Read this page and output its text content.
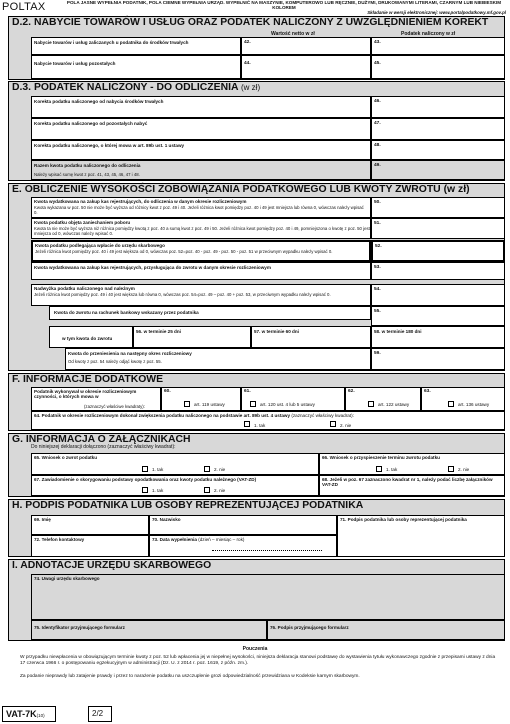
POLTAX	POLA JASNE WYPEŁNIA PODATNIK, POLA CIEMNE WYPEŁNIA URZĄD. WYPEŁNIĆ NA MASZYNIE, KOMPUTEROWO LUB RĘCZNIE, DUŻYMI, DRUKOWANYMI LITERAMI, CZARNYM LUB NIEBIESKIM KOLOREM
Składanie w wersji elektronicznej: www.portalpodatkowy.mf.gov.pl
D.2. NABYCIE TOWARÓW I USŁUG ORAZ PODATEK NALICZONY Z UWZGLĘDNIENIEM KOREKT
Wartość netto w zł	Podatek naliczony w zł
Nabycie towarów i usług zaliczanych u podatnika do środków trwałych	42.	43.
Nabycie towarów i usług pozostałych	44.	45.
D.3. PODATEK NALICZONY - DO ODLICZENIA (w zł)
Korekta podatku naliczonego od nabycia środków trwałych	46.
Korekta podatku naliczonego od pozostałych nabyć	47.
Korekta podatku naliczonego, o której mowa w art. 89b ust. 1 ustawy	48.
Razem kwota podatku naliczonego do odliczenia
Należy wpisać sumę kwot z poz. 41, 43, 45, 46, 47 i 48.
49.
E. OBLICZENIE WYSOKOŚCI ZOBOWIĄZANIA PODATKOWEGO LUB KWOTY ZWROTU (w zł)
Kwota wydatkowana na zakup kas rejestrujących, do odliczenia w danym okresie rozliczeniowym
Kwota wykazana w poz. 50 nie może być wyższa od różnicy kwot z poz. 49 i 40. Jeżeli różnica kwot pomiędzy poz. 40 i 49 jest mniejsza lub równa 0, wówczas należy wpisać 0.
50.
Kwota podatku objęta zaniechaniem poboru
Kwota ta nie może być wyższa niż różnica pomiędzy kwotą z poz. 40 a sumą kwot z poz. 49 i 50. Jeżeli różnica kwot pomiędzy poz. 40 i 49, pomniejszona o kwotę z poz. 50 jest mniejsza od 0, wówczas należy wpisać 0.
51.
Kwota podatku podlegająca wpłacie do urzędu skarbowego
Jeżeli różnica kwot pomiędzy poz. 40 i 49 jest większa od 0, wówczas poz. 52=poz. 40 - poz. 49 - poz. 50 - poz. 51 w przeciwnym wypadku należy wpisać 0.
52.
Kwota wydatkowana na zakup kas rejestrujących, przysługująca do zwrotu w danym okresie rozliczeniowym	53.
Nadwyżka podatku naliczonego nad należnym
Jeżeli różnica kwot pomiędzy poz. 49 i 40 jest większa lub równa 0, wówczas poz. 54=poz. 49 – poz. 40 + poz. 53, w przeciwnym wypadku należy wpisać 0.
54.
Kwota do zwrotu na rachunek bankowy wskazany przez podatnika	55.
w tym kwota do zwrotu
56. w terminie 25 dni	57. w terminie 60 dni	58. w terminie 180 dni
Kwota do przeniesienia na następny okres rozliczeniowy
Od kwoty z poz. 54 należy odjąć kwotę z poz. 55.
59.
F. INFORMACJE DODATKOWE
Podatnik wykonywał w okresie rozliczeniowym czynności, o których mowa w
(zaznaczyć właściwe kwadraty):
60.
art. 119 ustawy
61.
art. 120 ust. 4 lub 5 ustawy
62.
art. 122 ustawy
63.
art. 136 ustawy
64. Podatnik w okresie rozliczeniowym dokonał zwiększenia podatku naliczonego na podstawie art. 89b ust. 4 ustawy (zaznaczyć właściwy kwadrat):
1. tak	2. nie
G. INFORMACJA O ZAŁĄCZNIKACH
Do niniejszej deklaracji dołączono (zaznaczyć właściwy kwadrat):
65. Wniosek o zwrot podatku
1. tak	2. nie
66. Wniosek o przyspieszenie terminu zwrotu podatku
1. tak	2. nie
67. Zawiadomienie o skorygowaniu podstawy opodatkowania oraz kwoty podatku należnego (VAT-ZD)
1. tak	2. nie
68. Jeżeli w poz. 67 zaznaczono kwadrat nr 1, należy podać liczbę załączników VAT-ZD
H. PODPIS PODATNIKA LUB OSOBY REPREZENTUJĄCEJ PODATNIKA
69. Imię	70. Nazwisko	71. Podpis podatnika lub osoby reprezentującej podatnika
72. Telefon kontaktowy	73. Data wypełnienia (dzień – miesiąc – rok)
I. ADNOTACJE URZĘDU SKARBOWEGO
74. Uwagi urzędu skarbowego
75. Identyfikator przyjmującego formularz	76. Podpis przyjmującego formularz
Pouczenia
W przypadku niewpłacenia w obowiązującym terminie kwoty z poz. 52 lub wpłacenia jej w niepełnej wysokości, niniejsza deklaracja stanowi podstawę do wystawienia tytułu wykonawczego zgodnie z przepisami ustawy z dnia 17 czerwca 1966 r. o postępowaniu egzekucyjnym w administracji (Dz. U. z 2014 r. poz. 1619, z późn. zm.).
Za podanie nieprawdy lub zatajenie prawdy i przez to narażenie podatku na uszczuplenie grozi odpowiedzialność przewidziana w Kodeksie karnym skarbowym.
VAT-7K(10)	2/2
